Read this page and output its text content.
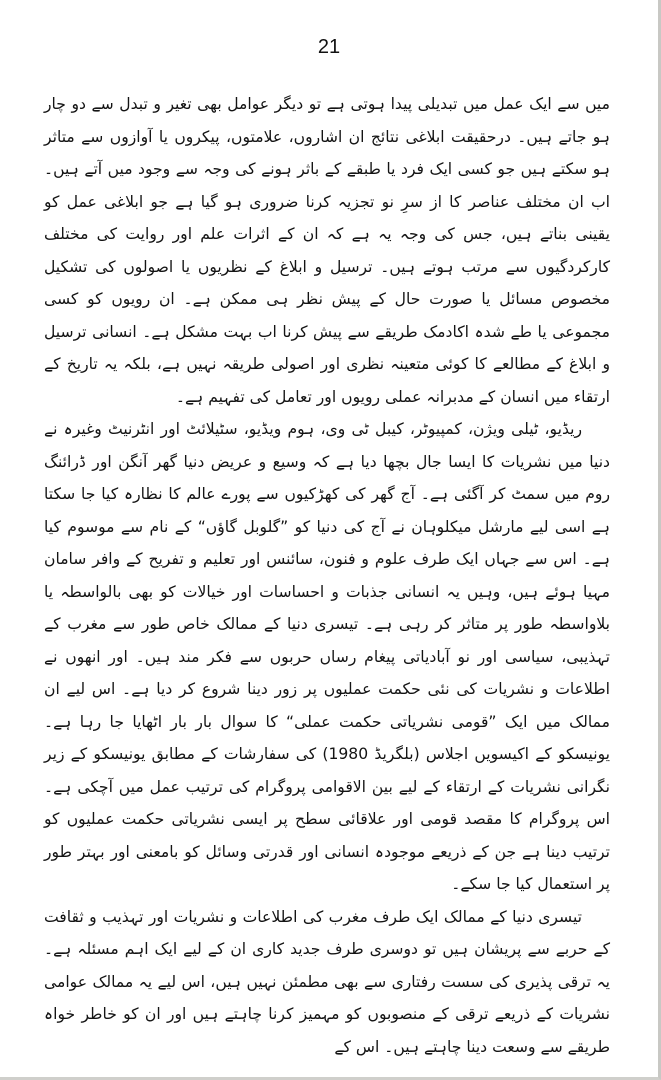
21

میں سے ایک عمل میں تبدیلی پیدا ہوتی ہے تو دیگر عوامل بھی تغیر و تبدل سے دو چار ہو جاتے ہیں۔ درحقیقت ابلاغی نتائج ان اشاروں، علامتوں، پیکروں یا آوازوں سے متاثر ہو سکتے ہیں جو کسی ایک فرد یا طبقے کے باثر ہونے کی وجہ سے وجود میں آتے ہیں۔ اب ان مختلف عناصر کا از سرِ نو تجزیہ کرنا ضروری ہو گیا ہے جو ابلاغی عمل کو یقینی بناتے ہیں، جس کی وجہ یہ ہے کہ ان کے اثرات علم اور روایت کی مختلف کارکردگیوں سے مرتب ہوتے ہیں۔ ترسیل و ابلاغ کے نظریوں یا اصولوں کی تشکیل مخصوص مسائل یا صورت حال کے پیش نظر ہی ممکن ہے۔ ان رویوں کو کسی مجموعی یا طے شدہ اکادمک طریقے سے پیش کرنا اب بہت مشکل ہے۔ انسانی ترسیل و ابلاغ کے مطالعے کا کوئی متعینہ نظری اور اصولی طریقہ نہیں ہے، بلکہ یہ تاریخ کے ارتقاء میں انسان کے مدبرانہ عملی رویوں اور تعامل کی تفہیم ہے۔

ریڈیو، ٹیلی ویژن، کمپیوٹر، کیبل ٹی وی، ہوم ویڈیو، سٹیلائٹ اور انٹرنیٹ وغیرہ نے دنیا میں نشریات کا ایسا جال بچھا دیا ہے کہ وسیع و عریض دنیا گھر آنگن اور ڈرائنگ روم میں سمٹ کر آگئی ہے۔ آج گھر کی کھڑکیوں سے پورے عالم کا نظارہ کیا جا سکتا ہے اسی لیے مارشل میکلوہان نے آج کی دنیا کو ”گلوبل گاؤں“ کے نام سے موسوم کیا ہے۔ اس سے جہاں ایک طرف علوم و فنون، سائنس اور تعلیم و تفریح کے وافر سامان مہیا ہوئے ہیں، وہیں یہ انسانی جذبات و احساسات اور خیالات کو بھی بالواسطہ یا بلاواسطہ طور پر متاثر کر رہی ہے۔ تیسری دنیا کے ممالک خاص طور سے مغرب کے تہذیبی، سیاسی اور نو آبادیاتی پیغام رساں حربوں سے فکر مند ہیں۔ اور انھوں نے اطلاعات و نشریات کی نئی حکمت عملیوں پر زور دینا شروع کر دیا ہے۔ اس لیے ان ممالک میں ایک ”قومی نشریاتی حکمت عملی“ کا سوال بار بار اٹھایا جا رہا ہے۔ یونیسکو کے اکیسویں اجلاس (بلگریڈ 1980) کی سفارشات کے مطابق یونیسکو کے زیر نگرانی نشریات کے ارتقاء کے لیے بین الاقوامی پروگرام کی ترتیب عمل میں آچکی ہے۔ اس پروگرام کا مقصد قومی اور علاقائی سطح پر ایسی نشریاتی حکمت عملیوں کو ترتیب دینا ہے جن کے ذریعے موجودہ انسانی اور قدرتی وسائل کو بامعنی اور بہتر طور پر استعمال کیا جا سکے۔

تیسری دنیا کے ممالک ایک طرف مغرب کی اطلاعات و نشریات اور تہذیب و ثقافت کے حربے سے پریشان ہیں تو دوسری طرف جدید کاری ان کے لیے ایک اہم مسئلہ ہے۔ یہ ترقی پذیری کی سست رفتاری سے بھی مطمئن نہیں ہیں، اس لیے یہ ممالک عوامی نشریات کے ذریعے ترقی کے منصوبوں کو مہمیز کرنا چاہتے ہیں اور ان کو خاطر خواہ طریقے سے وسعت دینا چاہتے ہیں۔ اس کے
